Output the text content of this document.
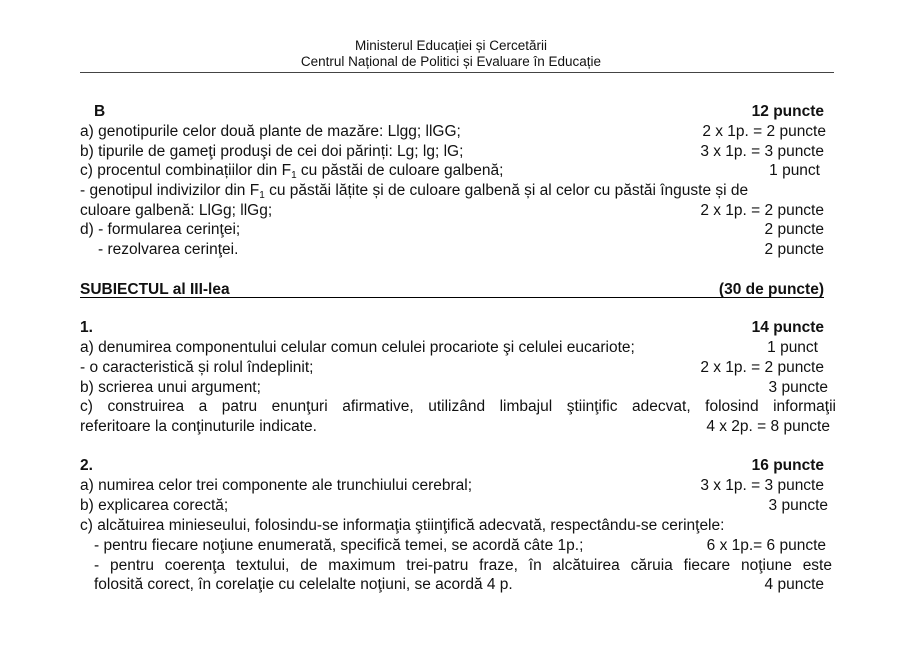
Ministerul Educației și Cercetării
Centrul Național de Politici și Evaluare în Educație
B	12 puncte
a) genotipurile celor două plante de mazăre: Llgg; llGG;	2 x 1p. = 2 puncte
b) tipurile de gameţi produşi de cei doi părinți: Lg; lg; lG;	3 x 1p. = 3 puncte
c) procentul combinațiilor din $F_1$ cu păstăi de culoare galbenă;	1 punct
- genotipul indivizilor din $F_1$ cu păstăi lățite și de culoare galbenă și al celor cu păstăi înguste și de
culoare galbenă: LlGg; llGg;	2 x 1p. = 2 puncte
d) - formularea cerinţei;	2 puncte
- rezolvarea cerinţei.	2 puncte
SUBIECTUL al III-lea	(30 de puncte)
1.	14 puncte
a) denumirea componentului celular comun celulei procariote şi celulei eucariote;	1 punct
- o caracteristică și rolul îndeplinit;	2 x 1p. = 2 puncte
b) scrierea unui argument;	3 puncte
c) construirea a patru enunţuri afirmative, utilizând limbajul ştiinţific adecvat, folosind informaţii
referitoare la conţinuturile indicate.	4 x 2p. = 8 puncte
2.	16 puncte
a) numirea celor trei componente ale trunchiului cerebral;	3 x 1p. = 3 puncte
b) explicarea corectă;	3 puncte
c) alcătuirea minieseului, folosindu-se informaţia ştiinţifică adecvată, respectându-se cerinţele:
- pentru fiecare noţiune enumerată, specifică temei, se acordă câte 1p.;	6 x 1p.= 6 puncte
- pentru coerenţa textului, de maximum trei-patru fraze, în alcătuirea căruia fiecare noţiune este
folosită corect, în corelaţie cu celelalte noţiuni, se acordă 4 p.	4 puncte
